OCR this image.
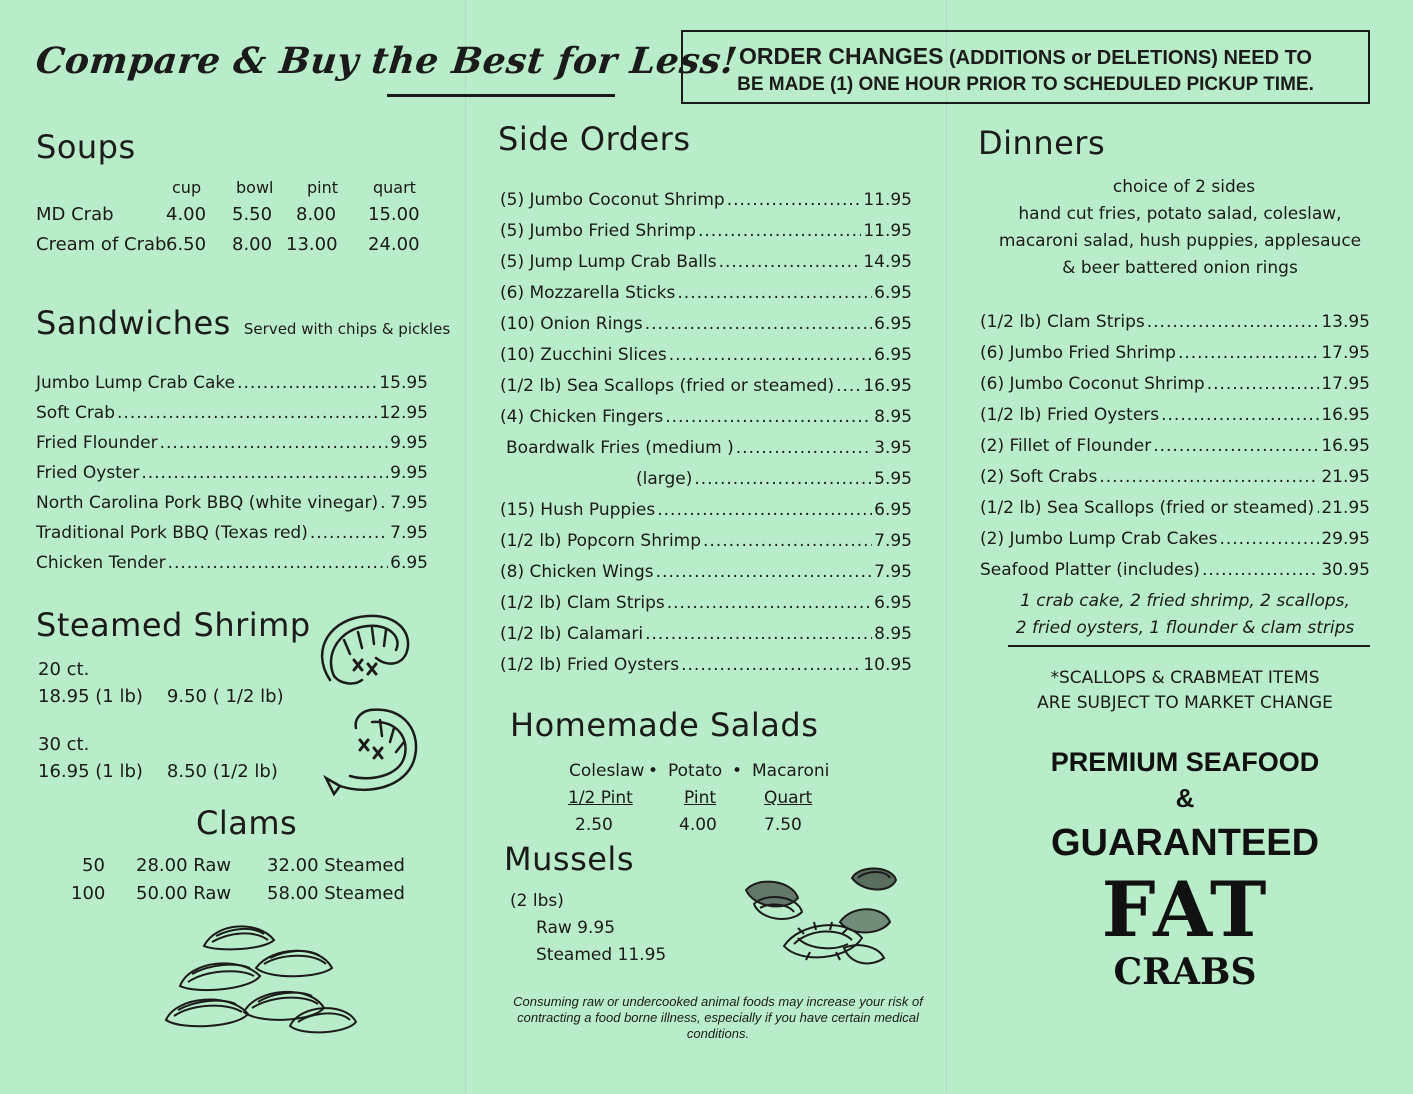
Compare & Buy the Best for Less! ORDER CHANGES (ADDITIONS or DELETIONS) NEED TO
BE MADE (1) ONE HOUR PRIOR TO SCHEDULED PICKUP TIME.
Soups
cup bowl pint quart
MD Crab	4.00 5.50 8.00 15.00
Cream of Crab 6.50 8.00 13.00 24.00
Sandwiches Served with chips & pickles
Jumbo Lump Crab Cake .....	15.95
Soft Crab .....	12.95
Fried Flounder .....	9.95
Fried Oyster .....	9.95
North Carolina Pork BBQ (white vinegar) ..... 7.95
Traditional Pork BBQ (Texas red) .....	7.95
Chicken Tender .....	6.95
Steamed Shrimp
20 ct.
18.95 (1 lb) 9.50 ( 1/2 lb)
30 ct.
16.95 (1 lb) 8.50 (1/2 lb)
Clams
50 28.00 Raw 32.00 Steamed
100 50.00 Raw 58.00 Steamed
Side Orders
(5) Jumbo Coconut Shrimp .....	11.95
(5) Jumbo Fried Shrimp .....	11.95
(5) Jump Lump Crab Balls .....	14.95
(6) Mozzarella Sticks .....	6.95
(10) Onion Rings .....	6.95
(10) Zucchini Slices .....	6.95
(1/2 lb) Sea Scallops (fried or steamed) ..... 16.95
(4) Chicken Fingers .....	8.95
Boardwalk Fries (medium ) .....	3.95
(large) .....	5.95
(15) Hush Puppies .....	6.95
(1/2 lb) Popcorn Shrimp .....	7.95
(8) Chicken Wings .....	7.95
(1/2 lb) Clam Strips .....	6.95
(1/2 lb) Calamari .....	8.95
(1/2 lb) Fried Oysters .....	10.95
Homemade Salads
Coleslaw • Potato • Macaroni
1/2 Pint	Pint	Quart
2.50	4.00	7.50
Mussels
(2 lbs)
Raw 9.95
Steamed 11.95
Consuming raw or undercooked animal foods may increase your risk of contracting a food borne illness, especially if you have certain medical conditions.
Dinners
choice of 2 sides
hand cut fries, potato salad, coleslaw, macaroni salad, hush puppies, applesauce & beer battered onion rings
(1/2 lb) Clam Strips .....	13.95
(6) Jumbo Fried Shrimp .....	17.95
(6) Jumbo Coconut Shrimp .....	17.95
(1/2 lb) Fried Oysters .....	16.95
(2) Fillet of Flounder .....	16.95
(2) Soft Crabs .....	21.95
(1/2 lb) Sea Scallops (fried or steamed) ..... 21.95
(2) Jumbo Lump Crab Cakes .....	29.95
Seafood Platter (includes) .....	30.95
1 crab cake, 2 fried shrimp, 2 scallops,
2 fried oysters, 1 flounder & clam strips
*SCALLOPS & CRABMEAT ITEMS
ARE SUBJECT TO MARKET CHANGE
PREMIUM SEAFOOD
&
GUARANTEED
FAT
CRABS
